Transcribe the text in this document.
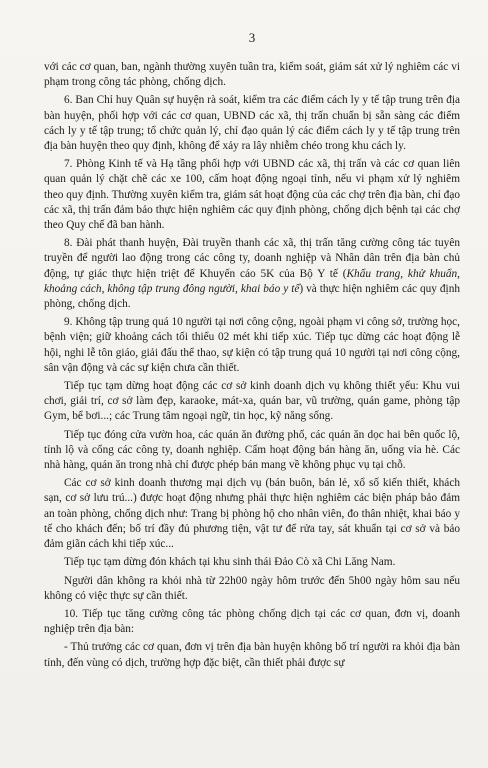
3

với các cơ quan, ban, ngành thường xuyên tuần tra, kiểm soát, giám sát xử lý nghiêm các vi phạm trong công tác phòng, chống dịch.

6. Ban Chỉ huy Quân sự huyện rà soát, kiểm tra các điểm cách ly y tế tập trung trên địa bàn huyện, phối hợp với các cơ quan, UBND các xã, thị trấn chuẩn bị sẵn sàng các điểm cách ly y tế tập trung; tổ chức quản lý, chỉ đạo quản lý các điểm cách ly y tế tập trung trên địa bàn huyện theo quy định, không để xảy ra lây nhiễm chéo trong khu cách ly.

7. Phòng Kinh tế và Hạ tầng phối hợp với UBND các xã, thị trấn và các cơ quan liên quan quản lý chặt chẽ các xe 100, cấm hoạt động ngoại tỉnh, nếu vi phạm xử lý nghiêm theo quy định. Thường xuyên kiểm tra, giám sát hoạt động của các chợ trên địa bàn, chỉ đạo các xã, thị trấn đảm bảo thực hiện nghiêm các quy định phòng, chống dịch bệnh tại các chợ theo Quy chế đã ban hành.

8. Đài phát thanh huyện, Đài truyền thanh các xã, thị trấn tăng cường công tác tuyên truyền để người lao động trong các công ty, doanh nghiệp và Nhân dân trên địa bàn chủ động, tự giác thực hiện triệt để Khuyến cáo 5K của Bộ Y tế (Khẩu trang, khử khuẩn, khoảng cách, không tập trung đông người, khai báo y tế) và thực hiện nghiêm các quy định phòng, chống dịch.

9. Không tập trung quá 10 người tại nơi công cộng, ngoài phạm vi công sở, trường học, bệnh viện; giữ khoảng cách tối thiểu 02 mét khi tiếp xúc. Tiếp tục dừng các hoạt động lễ hội, nghi lễ tôn giáo, giải đấu thể thao, sự kiện có tập trung quá 10 người tại nơi công cộng, sân vận động và các sự kiện chưa cần thiết.

Tiếp tục tạm dừng hoạt động các cơ sở kinh doanh dịch vụ không thiết yếu: Khu vui chơi, giải trí, cơ sở làm đẹp, karaoke, mát-xa, quán bar, vũ trường, quán game, phòng tập Gym, bể bơi...; các Trung tâm ngoại ngữ, tin học, kỹ năng sống.

Tiếp tục đóng cửa vườn hoa, các quán ăn đường phố, các quán ăn dọc hai bên quốc lộ, tỉnh lộ và cổng các công ty, doanh nghiệp. Cấm hoạt động bán hàng ăn, uống vỉa hè. Các nhà hàng, quán ăn trong nhà chỉ được phép bán mang về không phục vụ tại chỗ.

Các cơ sở kinh doanh thương mại dịch vụ (bán buôn, bán lẻ, xổ số kiến thiết, khách sạn, cơ sở lưu trú...) được hoạt động nhưng phải thực hiện nghiêm các biện pháp bảo đảm an toàn phòng, chống dịch như: Trang bị phòng hộ cho nhân viên, đo thân nhiệt, khai báo y tế cho khách đến; bố trí đầy đủ phương tiện, vật tư để rửa tay, sát khuẩn tại cơ sở và bảo đảm giãn cách khi tiếp xúc...

Tiếp tục tạm dừng đón khách tại khu sinh thái Đảo Cò xã Chi Lăng Nam.

Người dân không ra khỏi nhà từ 22h00 ngày hôm trước đến 5h00 ngày hôm sau nếu không có việc thực sự cần thiết.

10. Tiếp tục tăng cường công tác phòng chống dịch tại các cơ quan, đơn vị, doanh nghiệp trên địa bàn:

- Thủ trưởng các cơ quan, đơn vị trên địa bàn huyện không bố trí người ra khỏi địa bàn tỉnh, đến vùng có dịch, trường hợp đặc biệt, cần thiết phải được sự
